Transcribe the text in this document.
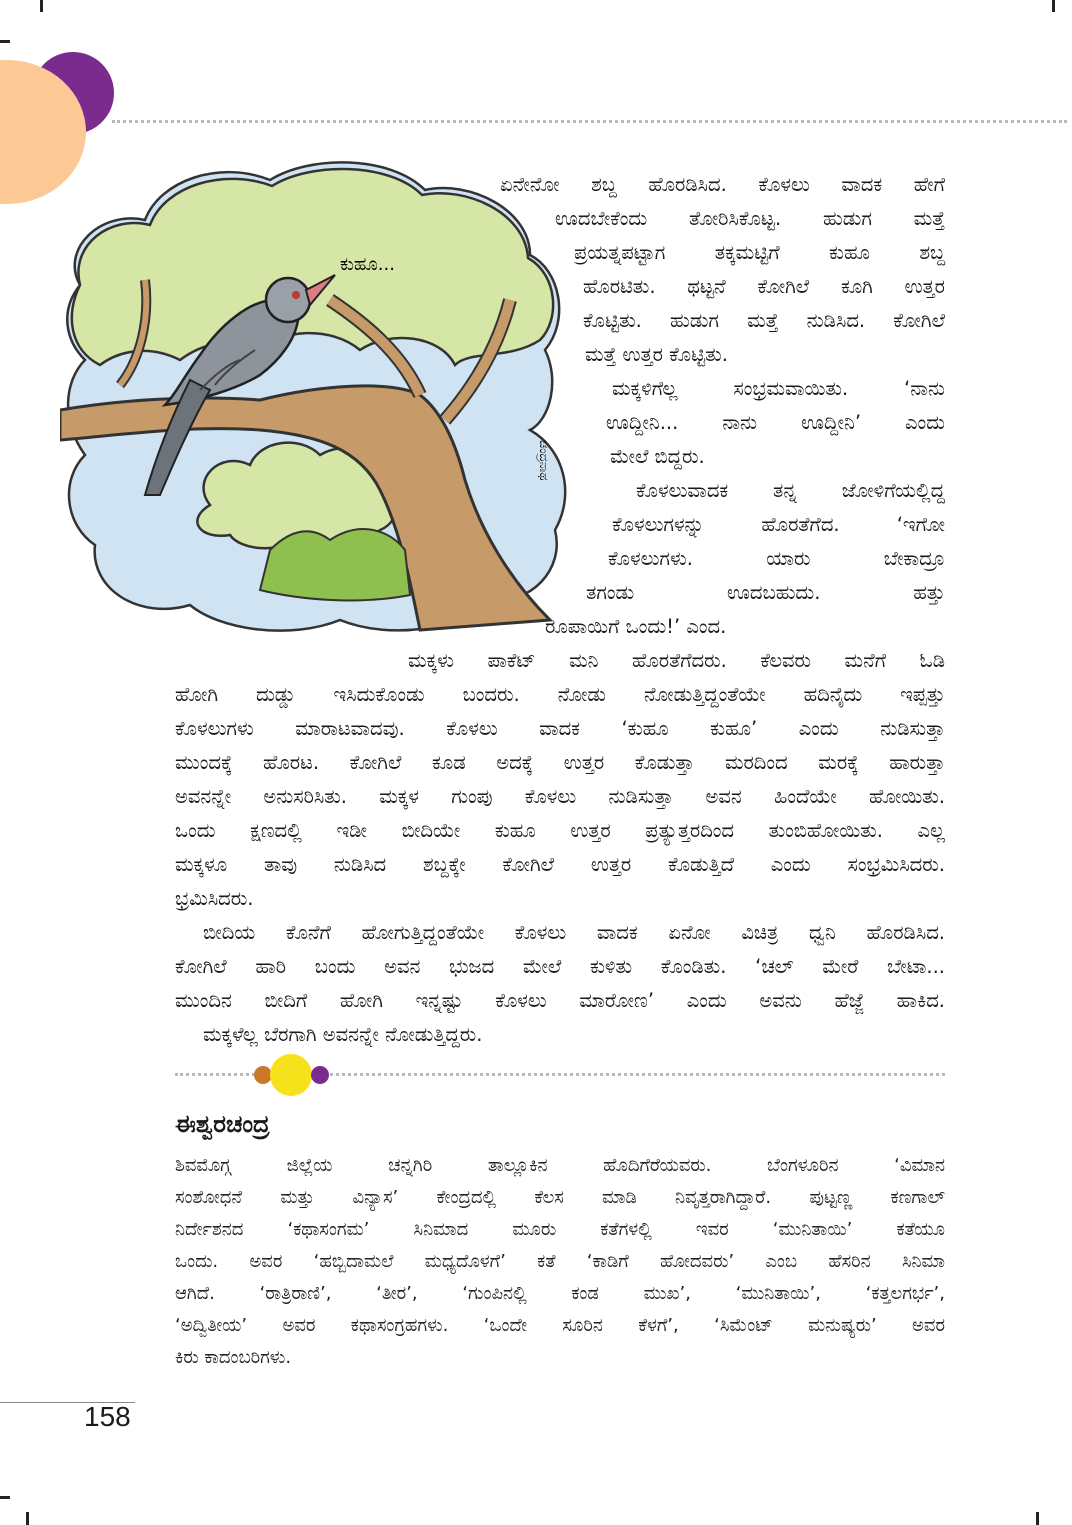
ಕುಹೂ...
ಚಂದ್ರನಾಥ
ಏನೇನೋ ಶಬ್ದ ಹೊರಡಿಸಿದ. ಕೊಳಲು ವಾದಕ ಹೇಗೆ
ಊದಬೇಕೆಂದು ತೋರಿಸಿಕೊಟ್ಟ. ಹುಡುಗ ಮತ್ತೆ
ಪ್ರಯತ್ನಪಟ್ಟಾಗ ತಕ್ಕಮಟ್ಟಿಗೆ ಕುಹೂ ಶಬ್ದ
ಹೊರಟಿತು. ಥಟ್ಟನೆ ಕೋಗಿಲೆ ಕೂಗಿ ಉತ್ತರ
ಕೊಟ್ಟಿತು. ಹುಡುಗ ಮತ್ತೆ ನುಡಿಸಿದ. ಕೋಗಿಲೆ
ಮತ್ತೆ ಉತ್ತರ ಕೊಟ್ಟಿತು.
ಮಕ್ಕಳಿಗೆಲ್ಲ ಸಂಭ್ರಮವಾಯಿತು. ‘ನಾನು
ಊದ್ದೀನಿ... ನಾನು ಊದ್ದೀನಿ’ ಎಂದು
ಮೇಲೆ ಬಿದ್ದರು.
ಕೊಳಲುವಾದಕ ತನ್ನ ಜೋಳಿಗೆಯಲ್ಲಿದ್ದ
ಕೊಳಲುಗಳನ್ನು ಹೊರತೆಗೆದ. ‘ಇಗೋ
ಕೊಳಲುಗಳು. ಯಾರು ಬೇಕಾದ್ರೂ
ತಗಂಡು ಊದಬಹುದು. ಹತ್ತು
ರೂಪಾಯಿಗೆ ಒಂದು!’ ಎಂದ.
ಮಕ್ಕಳು ಪಾಕೆಟ್ ಮನಿ ಹೊರತೆಗೆದರು. ಕೆಲವರು ಮನೆಗೆ ಓಡಿ
ಹೋಗಿ ದುಡ್ಡು ಇಸಿದುಕೊಂಡು ಬಂದರು. ನೋಡು ನೋಡುತ್ತಿದ್ದಂತೆಯೇ ಹದಿನೈದು ಇಪ್ಪತ್ತು
ಕೊಳಲುಗಳು ಮಾರಾಟವಾದವು. ಕೊಳಲು ವಾದಕ ‘ಕುಹೂ ಕುಹೂ’ ಎಂದು ನುಡಿಸುತ್ತಾ
ಮುಂದಕ್ಕೆ ಹೊರಟ. ಕೋಗಿಲೆ ಕೂಡ ಅದಕ್ಕೆ ಉತ್ತರ ಕೊಡುತ್ತಾ ಮರದಿಂದ ಮರಕ್ಕೆ ಹಾರುತ್ತಾ
ಅವನನ್ನೇ ಅನುಸರಿಸಿತು. ಮಕ್ಕಳ ಗುಂಪು ಕೊಳಲು ನುಡಿಸುತ್ತಾ ಅವನ ಹಿಂದೆಯೇ ಹೋಯಿತು.
ಒಂದು ಕ್ಷಣದಲ್ಲಿ ಇಡೀ ಬೀದಿಯೇ ಕುಹೂ ಉತ್ತರ ಪ್ರತ್ಯುತ್ತರದಿಂದ ತುಂಬಿಹೋಯಿತು. ಎಲ್ಲ
ಮಕ್ಕಳೂ ತಾವು ನುಡಿಸಿದ ಶಬ್ದಕ್ಕೇ ಕೋಗಿಲೆ ಉತ್ತರ ಕೊಡುತ್ತಿದೆ ಎಂದು ಸಂಭ್ರಮಿಸಿದರು.
ಭ್ರಮಿಸಿದರು.
ಬೀದಿಯ ಕೊನೆಗೆ ಹೋಗುತ್ತಿದ್ದಂತೆಯೇ ಕೊಳಲು ವಾದಕ ಏನೋ ವಿಚಿತ್ರ ಧ್ವನಿ ಹೊರಡಿಸಿದ.
ಕೋಗಿಲೆ ಹಾರಿ ಬಂದು ಅವನ ಭುಜದ ಮೇಲೆ ಕುಳಿತು ಕೊಂಡಿತು. ‘ಚಲ್ ಮೇರೆ ಬೇಟಾ...
ಮುಂದಿನ ಬೀದಿಗೆ ಹೋಗಿ ಇನ್ನಷ್ಟು ಕೊಳಲು ಮಾರೋಣ’ ಎಂದು ಅವನು ಹೆಜ್ಜೆ ಹಾಕಿದ.
ಮಕ್ಕಳೆಲ್ಲ ಬೆರಗಾಗಿ ಅವನನ್ನೇ ನೋಡುತ್ತಿದ್ದರು.
ಈಶ್ವರಚಂದ್ರ
ಶಿವಮೊಗ್ಗ ಜಿಲ್ಲೆಯ ಚನ್ನಗಿರಿ ತಾಲ್ಲೂಕಿನ ಹೊದಿಗೆರೆಯವರು. ಬೆಂಗಳೂರಿನ ‘ವಿಮಾನ
ಸಂಶೋಧನೆ ಮತ್ತು ವಿನ್ಯಾಸ’ ಕೇಂದ್ರದಲ್ಲಿ ಕೆಲಸ ಮಾಡಿ ನಿವೃತ್ತರಾಗಿದ್ದಾರೆ. ಪುಟ್ಟಣ್ಣ ಕಣಗಾಲ್
ನಿರ್ದೇಶನದ ‘ಕಥಾಸಂಗಮ’ ಸಿನಿಮಾದ ಮೂರು ಕತೆಗಳಲ್ಲಿ ಇವರ ‘ಮುನಿತಾಯಿ’ ಕತೆಯೂ
ಒಂದು. ಅವರ ‘ಹಬ್ಬಿದಾಮಲೆ ಮಧ್ಯದೊಳಗೆ’ ಕತೆ ‘ಕಾಡಿಗೆ ಹೋದವರು’ ಎಂಬ ಹೆಸರಿನ ಸಿನಿಮಾ
ಆಗಿದೆ. ‘ರಾತ್ರಿರಾಣಿ’, ‘ತೀರ’, ‘ಗುಂಪಿನಲ್ಲಿ ಕಂಡ ಮುಖ’, ‘ಮುನಿತಾಯಿ’, ‘ಕತ್ತಲಗರ್ಭ’,
‘ಅದ್ವಿತೀಯ’ ಅವರ ಕಥಾಸಂಗ್ರಹಗಳು. ‘ಒಂದೇ ಸೂರಿನ ಕೆಳಗೆ’, ‘ಸಿಮೆಂಟ್ ಮನುಷ್ಯರು’ ಅವರ
ಕಿರು ಕಾದಂಬರಿಗಳು.
158
